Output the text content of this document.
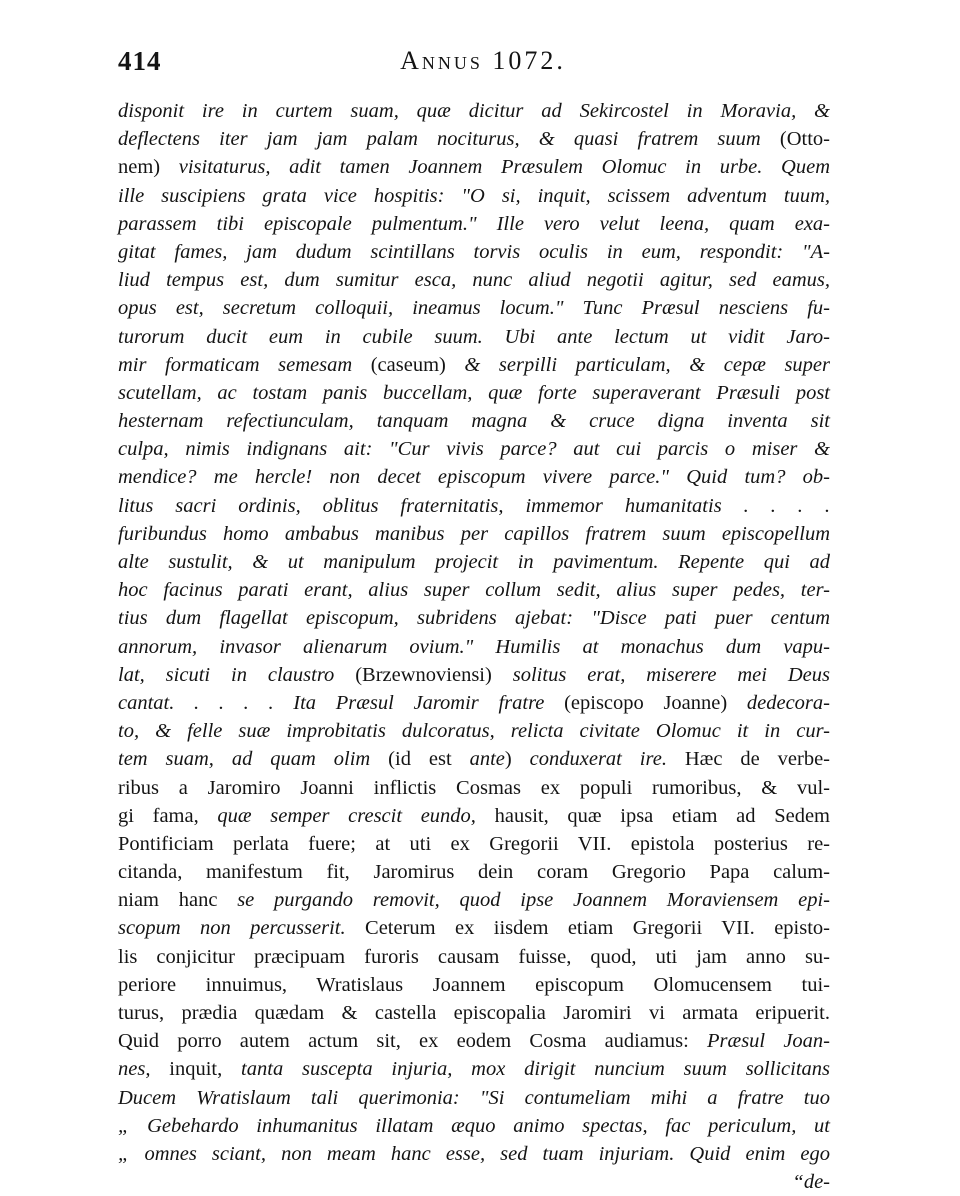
414	Annus 1072.
disponit ire in curtem suam, quæ dicitur ad Sekircostel in Moravia, &
deflectens iter jam jam palam nociturus, & quasi fratrem suum (Otto-
nem) visitaturus, adit tamen Joannem Præsulem Olomuc in urbe. Quem
ille suscipiens grata vice hospitis: "O si, inquit, scissem adventum tuum,
parassem tibi episcopale pulmentum." Ille vero velut leena, quam exa-
gitat fames, jam dudum scintillans torvis oculis in eum, respondit: "A-
liud tempus est, dum sumitur esca, nunc aliud negotii agitur, sed eamus,
opus est, secretum colloquii, ineamus locum." Tunc Præsul nesciens fu-
turorum ducit eum in cubile suum. Ubi ante lectum ut vidit Jaro-
mir formaticam semesam (caseum) & serpilli particulam, & cepæ super
scutellam, ac tostam panis buccellam, quæ forte superaverant Præsuli post
hesternam refectiunculam, tanquam magna & cruce digna inventa sit
culpa, nimis indignans ait: "Cur vivis parce? aut cui parcis o miser &
mendice? me hercle! non decet episcopum vivere parce." Quid tum? ob-
litus sacri ordinis, oblitus fraternitatis, immemor humanitatis . . . .
furibundus homo ambabus manibus per capillos fratrem suum episcopellum
alte sustulit, & ut manipulum projecit in pavimentum. Repente qui ad
hoc facinus parati erant, alius super collum sedit, alius super pedes, ter-
tius dum flagellat episcopum, subridens ajebat: "Disce pati puer centum
annorum, invasor alienarum ovium." Humilis at monachus dum vapu-
lat, sicuti in claustro (Brzewnoviensi) solitus erat, miserere mei Deus
cantat. . . . . Ita Præsul Jaromir fratre (episcopo Joanne) dedecora-
to, & felle suæ improbitatis dulcoratus, relicta civitate Olomuc it in cur-
tem suam, ad quam olim (id est ante) conduxerat ire. Hæc de verbe-
ribus a Jaromiro Joanni inflictis Cosmas ex populi rumoribus, & vul-
gi fama, quæ semper crescit eundo, hausit, quæ ipsa etiam ad Sedem
Pontificiam perlata fuere; at uti ex Gregorii VII. epistola posterius re-
citanda, manifestum fit, Jaromirus dein coram Gregorio Papa calum-
niam hanc se purgando removit, quod ipse Joannem Moraviensem epi-
scopum non percusserit. Ceterum ex iisdem etiam Gregorii VII. episto-
lis conjicitur præcipuam furoris causam fuisse, quod, uti jam anno su-
periore innuimus, Wratislaus Joannem episcopum Olomucensem tui-
turus, prædia quædam & castella episcopalia Jaromiri vi armata eripuerit.
Quid porro autem actum sit, ex eodem Cosma audiamus: Præsul Joan-
nes, inquit, tanta suscepta injuria, mox dirigit nuncium suum sollicitans
Ducem Wratislaum tali querimonia: "Si contumeliam mihi a fratre tuo
„ Gebehardo inhumanitus illatam æquo animo spectas, fac periculum, ut
„ omnes sciant, non meam hanc esse, sed tuam injuriam. Quid enim ego
“de-
